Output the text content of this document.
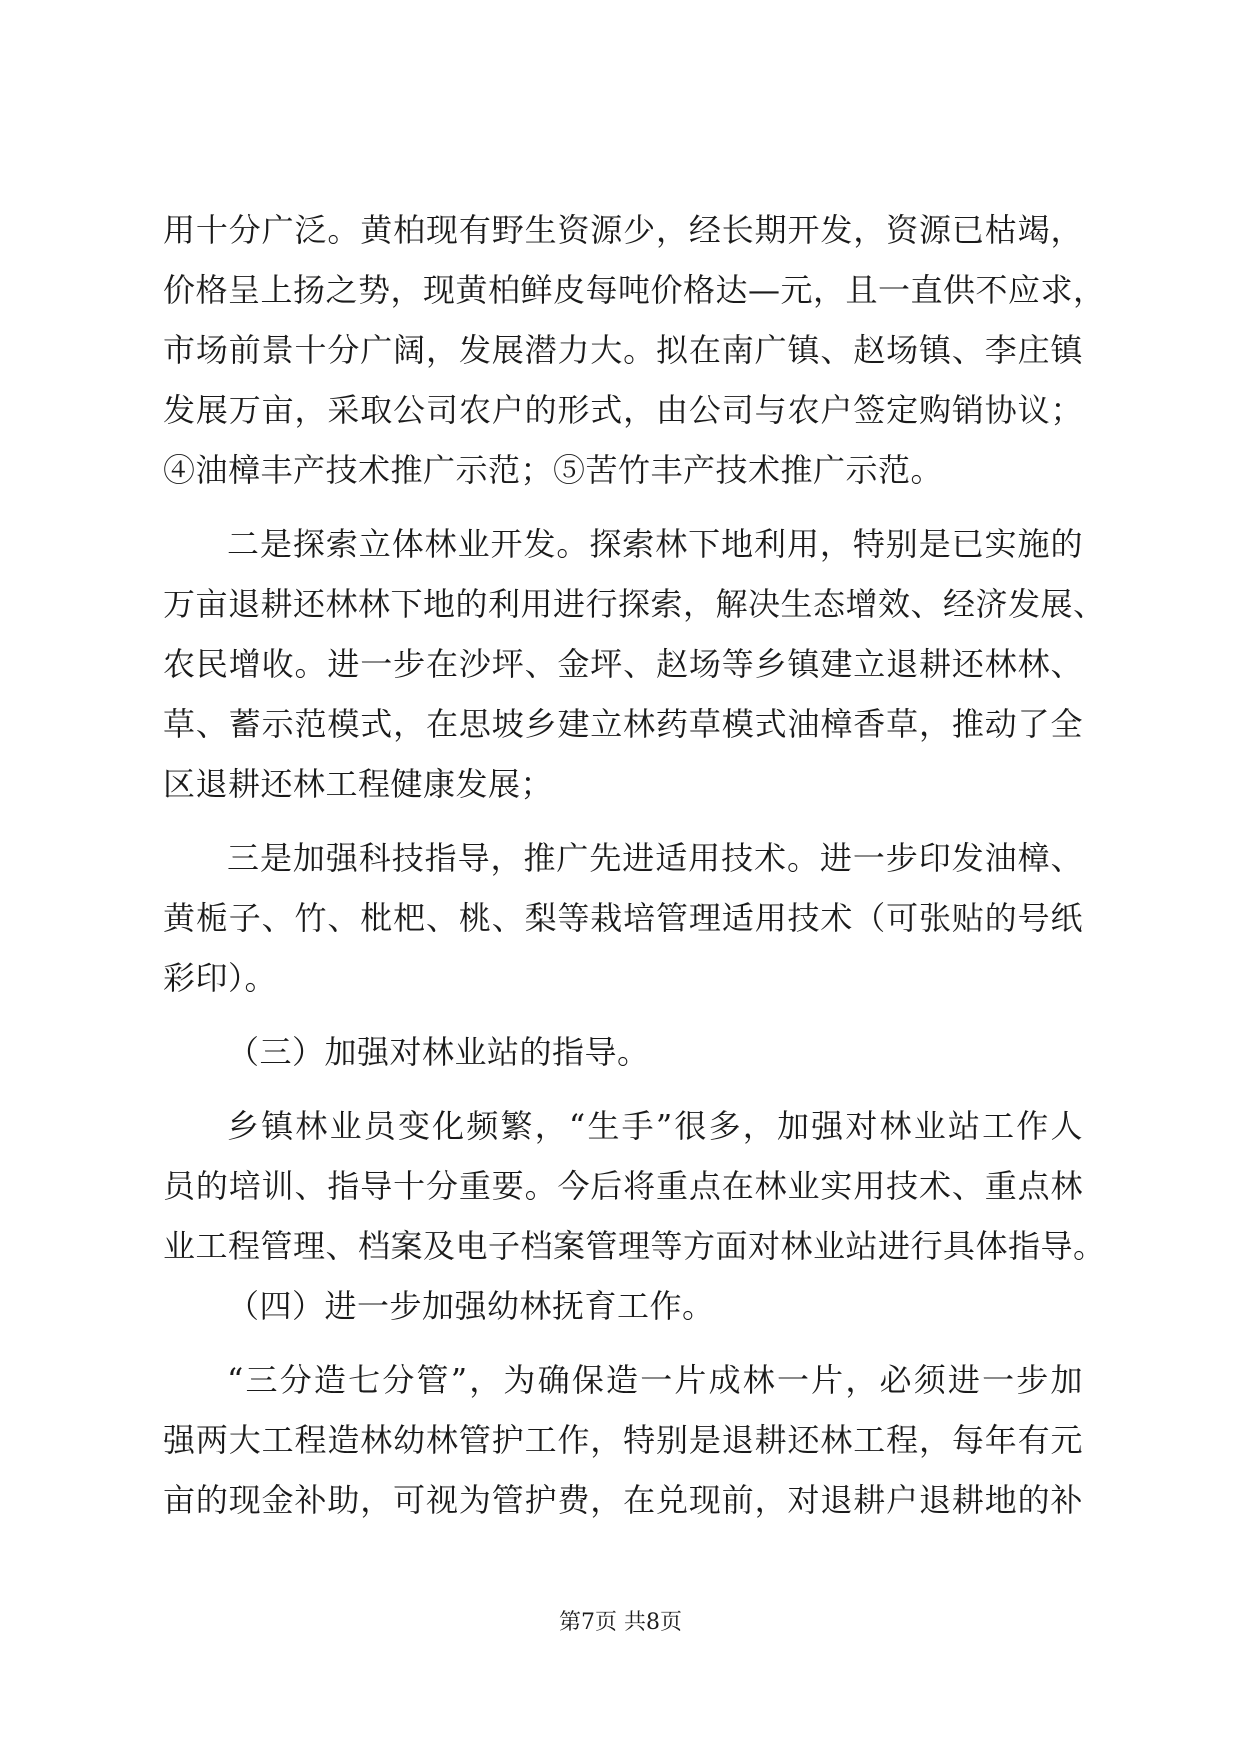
用十分广泛。黄柏现有野生资源少，经长期开发，资源已枯竭，
价格呈上扬之势，现黄柏鲜皮每吨价格达—元，且一直供不应求，
市场前景十分广阔，发展潜力大。拟在南广镇、赵场镇、李庄镇
发展万亩，采取公司农户的形式，由公司与农户签定购销协议；
④油樟丰产技术推广示范；⑤苦竹丰产技术推广示范。
二是探索立体林业开发。探索林下地利用，特别是已实施的
万亩退耕还林林下地的利用进行探索，解决生态增效、经济发展、
农民增收。进一步在沙坪、金坪、赵场等乡镇建立退耕还林林、
草、蓄示范模式，在思坡乡建立林药草模式油樟香草，推动了全
区退耕还林工程健康发展；
三是加强科技指导，推广先进适用技术。进一步印发油樟、
黄栀子、竹、枇杷、桃、梨等栽培管理适用技术（可张贴的号纸
彩印）。
（三）加强对林业站的指导。
乡镇林业员变化频繁，“生手”很多，加强对林业站工作人
员的培训、指导十分重要。今后将重点在林业实用技术、重点林
业工程管理、档案及电子档案管理等方面对林业站进行具体指导。
（四）进一步加强幼林抚育工作。
“三分造七分管”，为确保造一片成林一片，必须进一步加
强两大工程造林幼林管护工作，特别是退耕还林工程，每年有元
亩的现金补助，可视为管护费，在兑现前，对退耕户退耕地的补
第7页 共8页
